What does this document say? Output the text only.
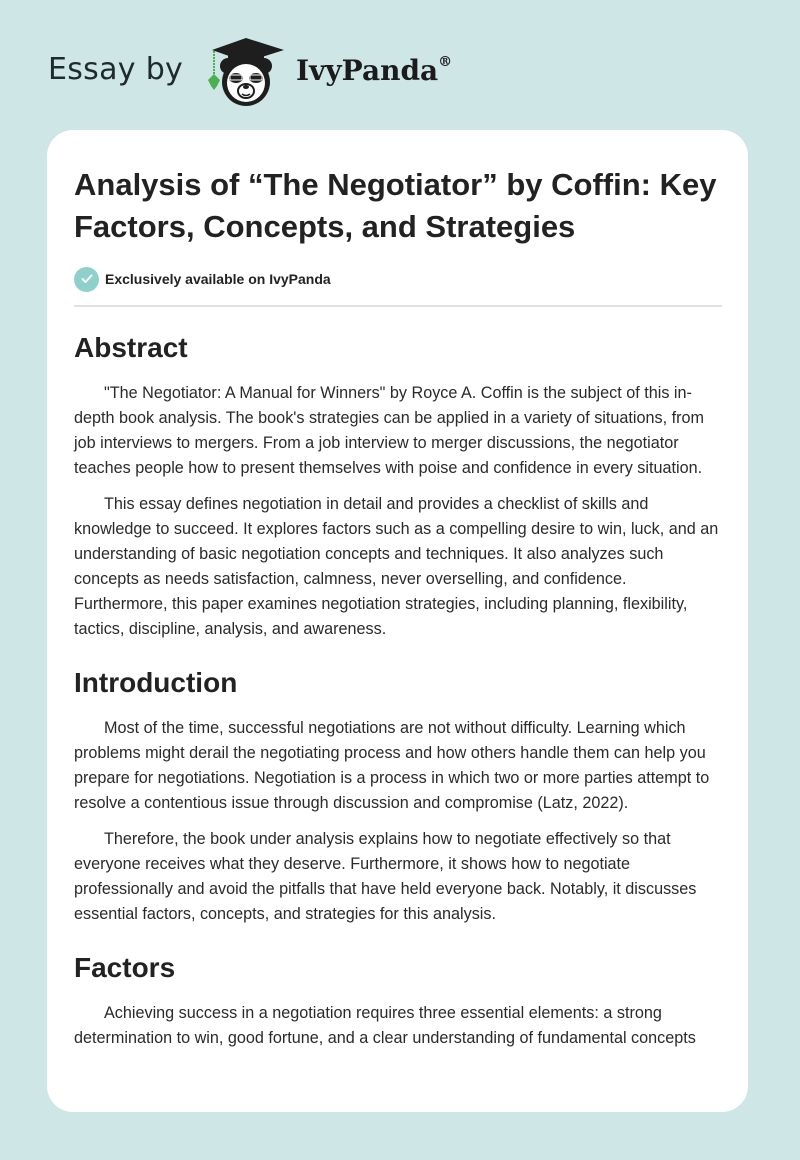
Essay by	IvyPanda®
Analysis of “The Negotiator” by Coffin: Key Factors, Concepts, and Strategies
Exclusively available on IvyPanda
Abstract

"The Negotiator: A Manual for Winners" by Royce A. Coffin is the subject of this in-depth book analysis. The book's strategies can be applied in a variety of situations, from job interviews to mergers. From a job interview to merger discussions, the negotiator teaches people how to present themselves with poise and confidence in every situation.

This essay defines negotiation in detail and provides a checklist of skills and knowledge to succeed. It explores factors such as a compelling desire to win, luck, and an understanding of basic negotiation concepts and techniques. It also analyzes such concepts as needs satisfaction, calmness, never overselling, and confidence. Furthermore, this paper examines negotiation strategies, including planning, flexibility, tactics, discipline, analysis, and awareness.

Introduction

Most of the time, successful negotiations are not without difficulty. Learning which problems might derail the negotiating process and how others handle them can help you prepare for negotiations. Negotiation is a process in which two or more parties attempt to resolve a contentious issue through discussion and compromise (Latz, 2022).

Therefore, the book under analysis explains how to negotiate effectively so that everyone receives what they deserve. Furthermore, it shows how to negotiate professionally and avoid the pitfalls that have held everyone back. Notably, it discusses essential factors, concepts, and strategies for this analysis.

Factors

Achieving success in a negotiation requires three essential elements: a strong determination to win, good fortune, and a clear understanding of fundamental concepts
